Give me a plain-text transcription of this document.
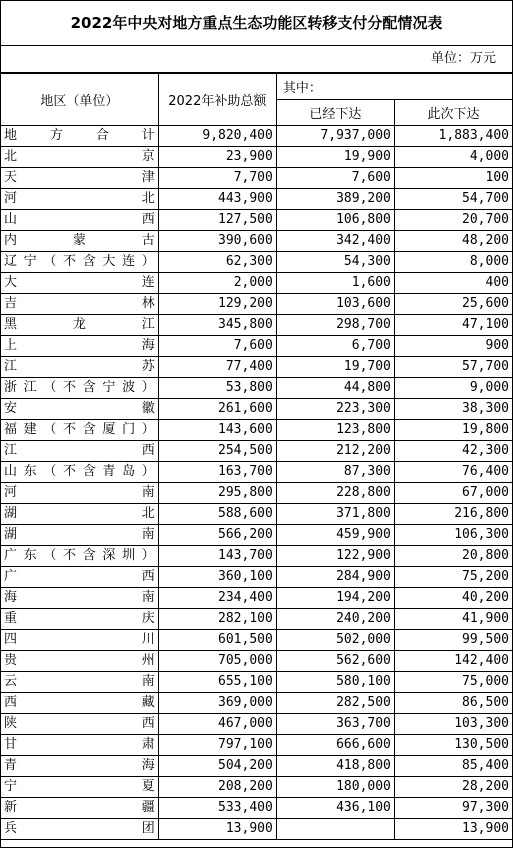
2022年中央对地方重点生态功能区转移支付分配情况表
单位：万元
地区（单位）	2022年补助总额	其中：	
		已经下达	此次下达
地方合计	9,820,400	7,937,000	1,883,400
北京	23,900	19,900	4,000
天津	7,700	7,600	100
河北	443,900	389,200	54,700
山西	127,500	106,800	20,700
内蒙古	390,600	342,400	48,200
辽宁（不含大连）	62,300	54,300	8,000
大连	2,000	1,600	400
吉林	129,200	103,600	25,600
黑龙江	345,800	298,700	47,100
上海	7,600	6,700	900
江苏	77,400	19,700	57,700
浙江（不含宁波）	53,800	44,800	9,000
安徽	261,600	223,300	38,300
福建（不含厦门）	143,600	123,800	19,800
江西	254,500	212,200	42,300
山东（不含青岛）	163,700	87,300	76,400
河南	295,800	228,800	67,000
湖北	588,600	371,800	216,800
湖南	566,200	459,900	106,300
广东（不含深圳）	143,700	122,900	20,800
广西	360,100	284,900	75,200
海南	234,400	194,200	40,200
重庆	282,100	240,200	41,900
四川	601,500	502,000	99,500
贵州	705,000	562,600	142,400
云南	655,100	580,100	75,000
西藏	369,000	282,500	86,500
陕西	467,000	363,700	103,300
甘肃	797,100	666,600	130,500
青海	504,200	418,800	85,400
宁夏	208,200	180,000	28,200
新疆	533,400	436,100	97,300
兵团	13,900		13,900
